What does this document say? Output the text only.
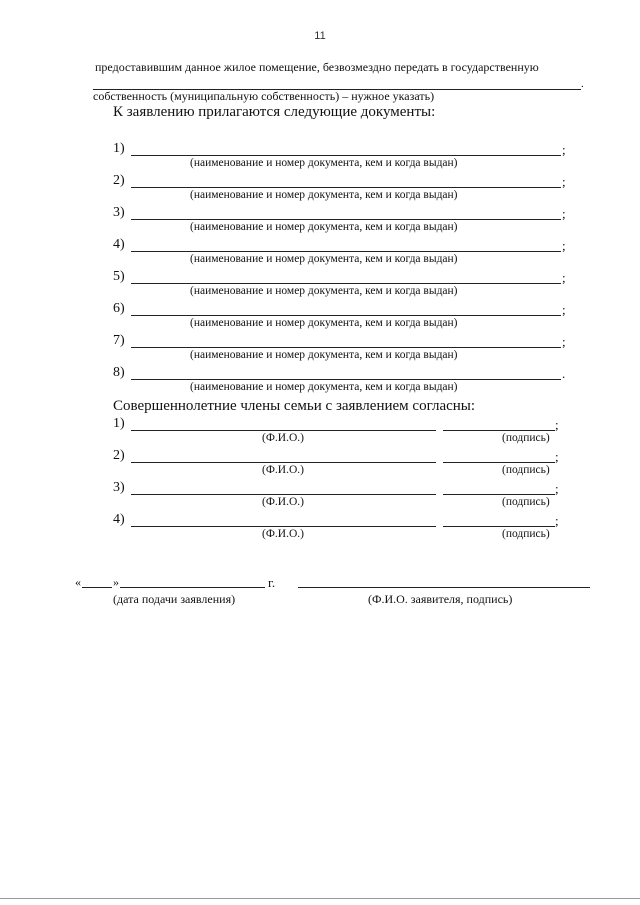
11
предоставившим данное жилое помещение, безвозмездно передать в государственную
.
собственность (муниципальную собственность) – нужное указать)
К заявлению прилагаются следующие документы:
1)	;
(наименование и номер документа, кем и когда выдан)
2)	;
(наименование и номер документа, кем и когда выдан)
3)	;
(наименование и номер документа, кем и когда выдан)
4)	;
(наименование и номер документа, кем и когда выдан)
5)	;
(наименование и номер документа, кем и когда выдан)
6)	;
(наименование и номер документа, кем и когда выдан)
7)	;
(наименование и номер документа, кем и когда выдан)
8)	.
(наименование и номер документа, кем и когда выдан)
Совершеннолетние члены семьи с заявлением согласны:
1)	;
(Ф.И.О.)	(подпись)
2)	;
(Ф.И.О.)	(подпись)
3)	;
(Ф.И.О.)	(подпись)
4)	;
(Ф.И.О.)	(подпись)
«	»	г.
(дата подачи заявления)	(Ф.И.О. заявителя, подпись)
